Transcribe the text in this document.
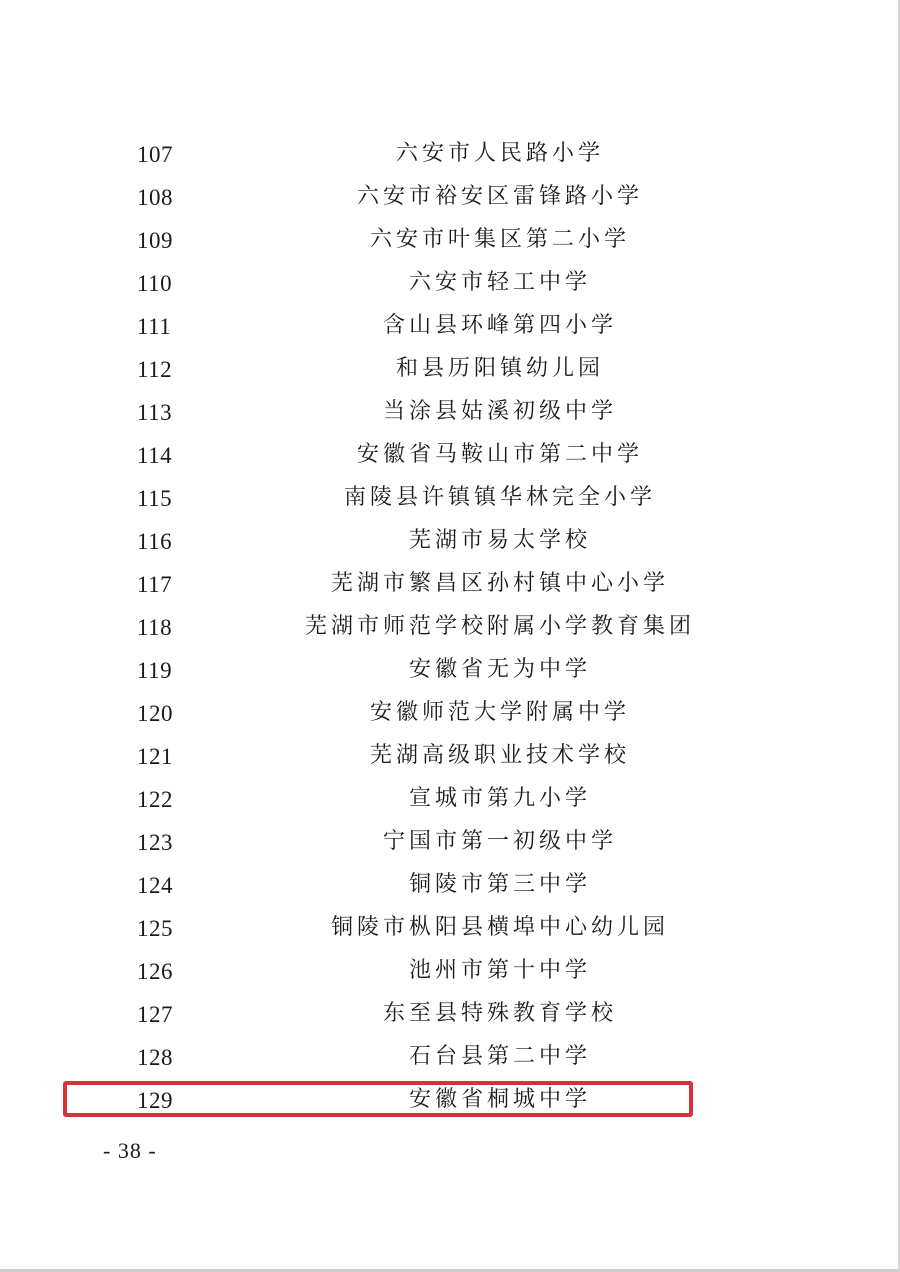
107	六安市人民路小学
108	六安市裕安区雷锋路小学
109	六安市叶集区第二小学
110	六安市轻工中学
111	含山县环峰第四小学
112	和县历阳镇幼儿园
113	当涂县姑溪初级中学
114	安徽省马鞍山市第二中学
115	南陵县许镇镇华林完全小学
116	芜湖市易太学校
117	芜湖市繁昌区孙村镇中心小学
118	芜湖市师范学校附属小学教育集团
119	安徽省无为中学
120	安徽师范大学附属中学
121	芜湖高级职业技术学校
122	宣城市第九小学
123	宁国市第一初级中学
124	铜陵市第三中学
125	铜陵市枞阳县横埠中心幼儿园
126	池州市第十中学
127	东至县特殊教育学校
128	石台县第二中学
129	安徽省桐城中学
- 38 -
